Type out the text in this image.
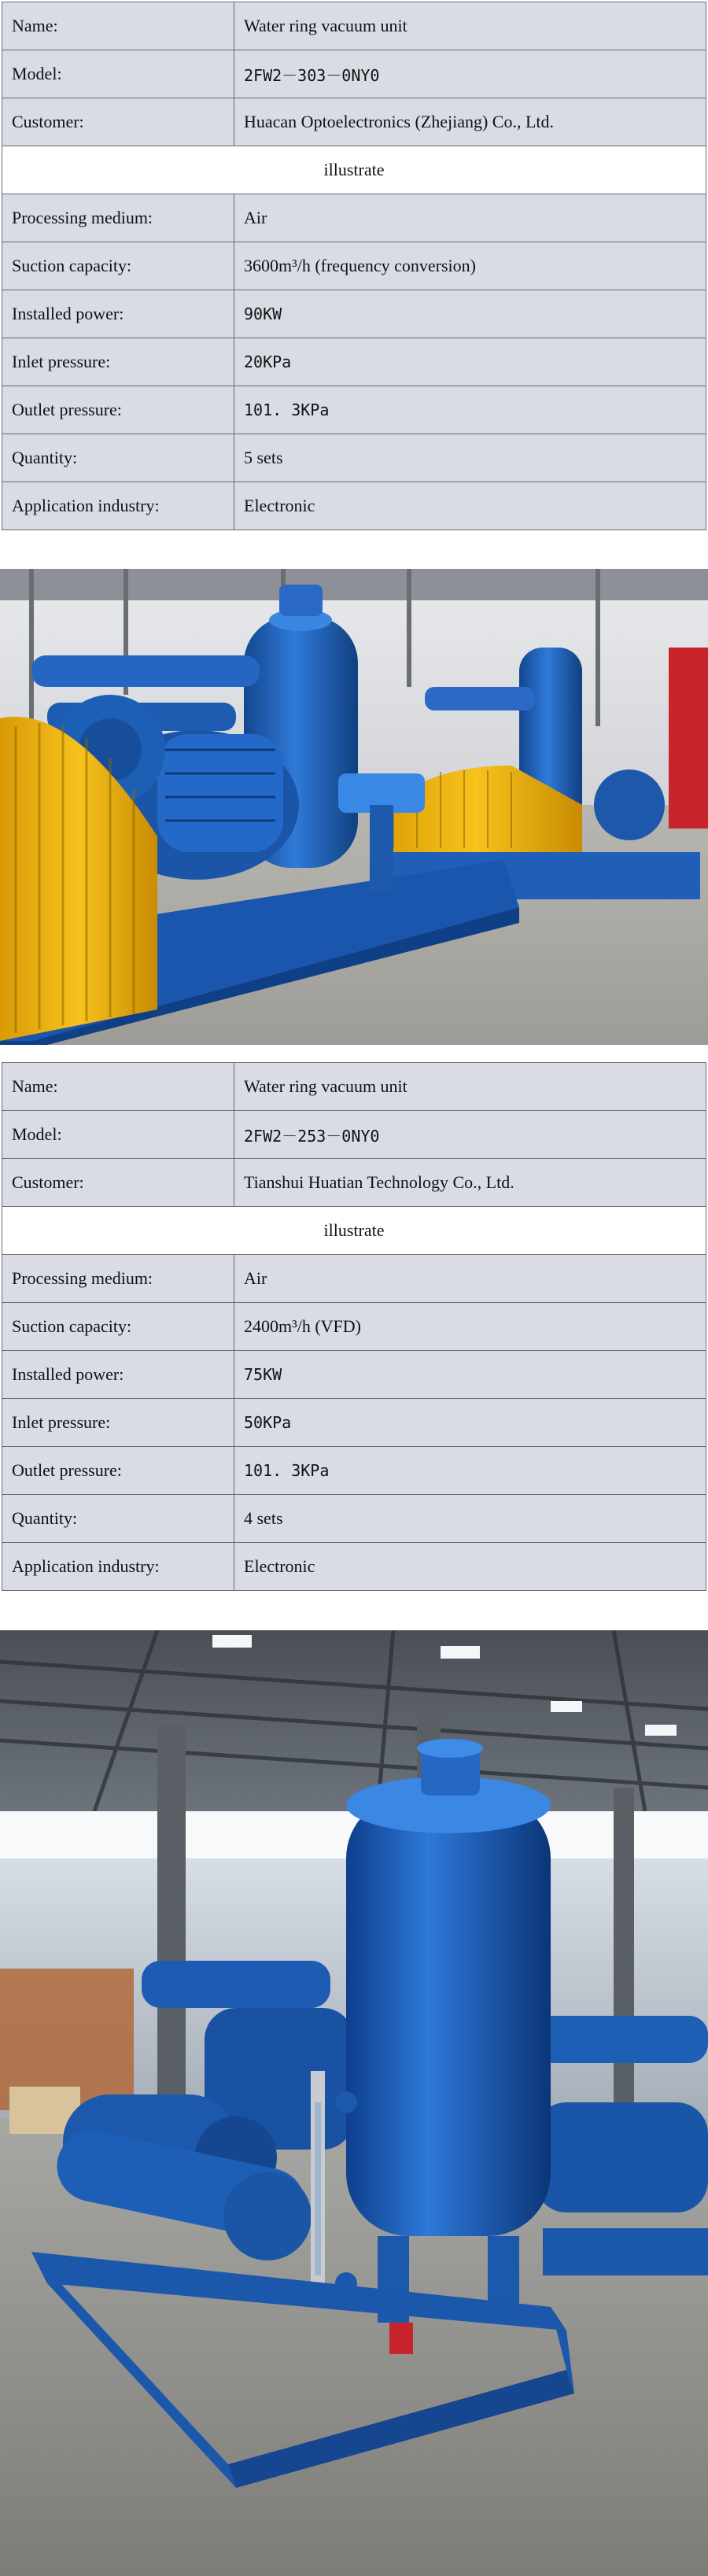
Name:	Water ring vacuum unit
Model:	2FW2－303－0NY0
Customer:	Huacan Optoelectronics (Zhejiang) Co., Ltd.
illustrate	
Processing medium:	Air
Suction capacity:	3600m³/h (frequency conversion)
Installed power:	90KW
Inlet pressure:	20KPa
Outlet pressure:	101. 3KPa
Quantity:	5 sets
Application industry:	Electronic
Name:	Water ring vacuum unit
Model:	2FW2－253－0NY0
Customer:	Tianshui Huatian Technology Co., Ltd.
illustrate	
Processing medium:	Air
Suction capacity:	2400m³/h (VFD)
Installed power:	75KW
Inlet pressure:	50KPa
Outlet pressure:	101. 3KPa
Quantity:	4 sets
Application industry:	Electronic
